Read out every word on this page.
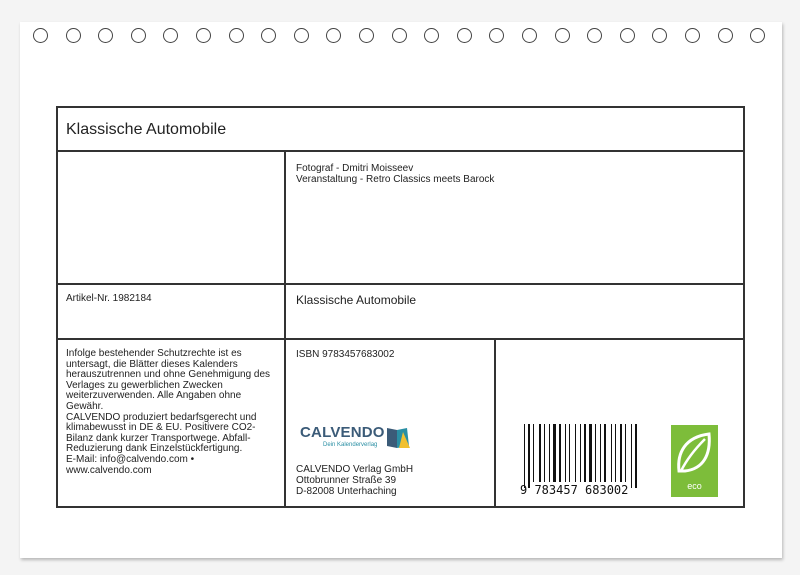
Klassische Automobile
Fotograf - Dmitri Moisseev
Veranstaltung - Retro Classics meets Barock
Artikel-Nr. 1982184	Klassische Automobile
Infolge bestehender Schutzrechte ist es
untersagt, die Blätter dieses Kalenders
herauszutrennen und ohne Genehmigung des
Verlages zu gewerblichen Zwecken
weiterzuverwenden. Alle Angaben ohne
Gewähr.
CALVENDO produziert bedarfsgerecht und
klimabewusst in DE & EU. Positivere CO2-
Bilanz dank kurzer Transportwege. Abfall-
Reduzierung dank Einzelstückfertigung.
E-Mail: info@calvendo.com •
www.calvendo.com
ISBN 9783457683002
CALVENDO
Dein Kalenderverlag
CALVENDO Verlag GmbH
Ottobrunner Straße 39
D-82008 Unterhaching	9 783457 683002	eco
